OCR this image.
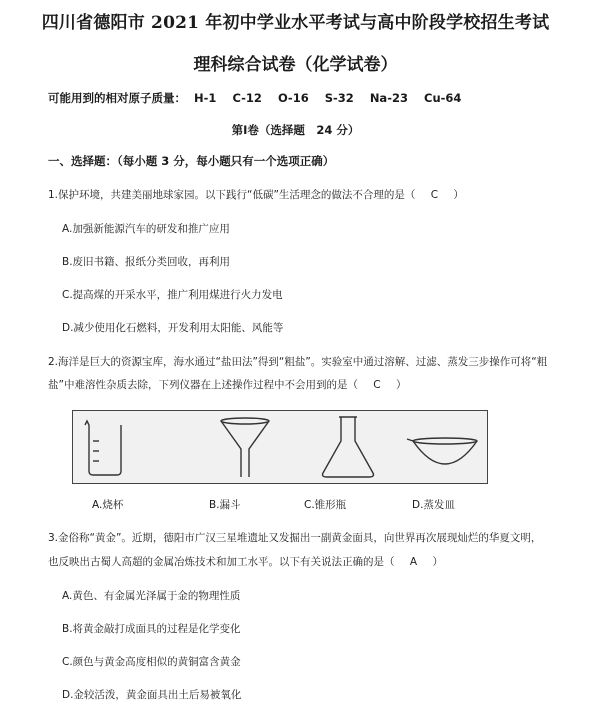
四川省德阳市 2021 年初中学业水平考试与高中阶段学校招生考试
理科综合试卷（化学试卷）
可能用到的相对原子质量： H-1 C-12 O-16 S-32 Na-23 Cu-64
第Ⅰ卷（选择题　24 分）
一、选择题：（每小题 3 分，每小题只有一个选项正确）
1.保护环境，共建美丽地球家园。以下践行“低碳”生活理念的做法不合理的是（ C ）
A.加强新能源汽车的研发和推广应用
B.废旧书籍、报纸分类回收，再利用
C.提高煤的开采水平，推广利用煤进行火力发电
D.减少使用化石燃料，开发利用太阳能、风能等
2.海洋是巨大的资源宝库，海水通过“盐田法”得到“粗盐”。实验室中通过溶解、过滤、蒸发三步操作可将“粗
盐”中难溶性杂质去除，下列仪器在上述操作过程中不会用到的是（ C ）
A.烧杯	B.漏斗	C.锥形瓶	D.蒸发皿
3.金俗称“黄金”。近期，德阳市广汉三星堆遗址又发掘出一副黄金面具，向世界再次展现灿烂的华夏文明，
也反映出古蜀人高超的金属冶炼技术和加工水平。以下有关说法正确的是（ A ）
A.黄色、有金属光泽属于金的物理性质
B.将黄金敲打成面具的过程是化学变化
C.颜色与黄金高度相似的黄铜富含黄金
D.金较活泼，黄金面具出土后易被氧化
